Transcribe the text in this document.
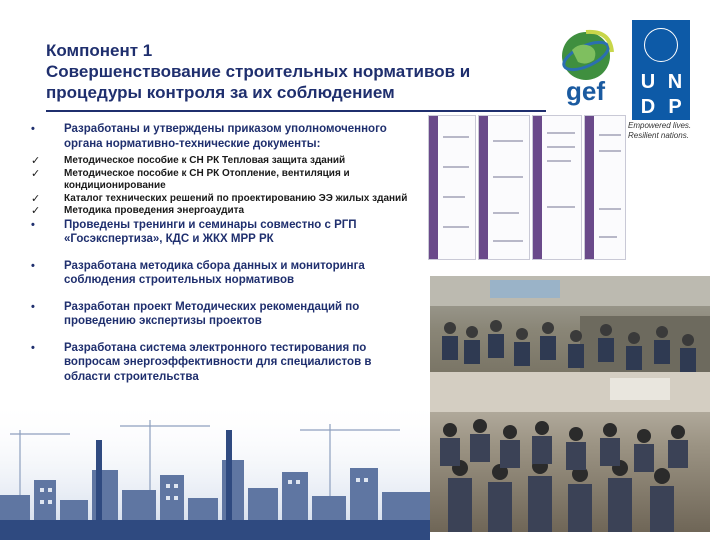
Компонент 1
Совершенствование строительных нормативов и
процедуры контроля за их соблюдением	gef U N
D P
Empowered lives.
Resilient nations.
•	Разработаны и утверждены приказом уполномоченного органа нормативно-технические документы:
✓ Методическое пособие к СН РК Тепловая защита зданий
✓ Методическое пособие к СН РК Отопление, вентиляция и кондиционирование
✓ Каталог технических решений по проектированию ЭЭ жилых зданий
✓ Методика проведения энергоаудита
•	Проведены тренинги и семинары совместно с РГП «Госэкспертиза», КДС и ЖКХ МРР РК
•	Разработана методика сбора данных и мониторинга соблюдения строительных нормативов
•	Разработан проект Методических рекомендаций по проведению экспертизы проектов
•	Разработана система электронного тестирования по вопросам энергоэффективности для специалистов в области строительства
